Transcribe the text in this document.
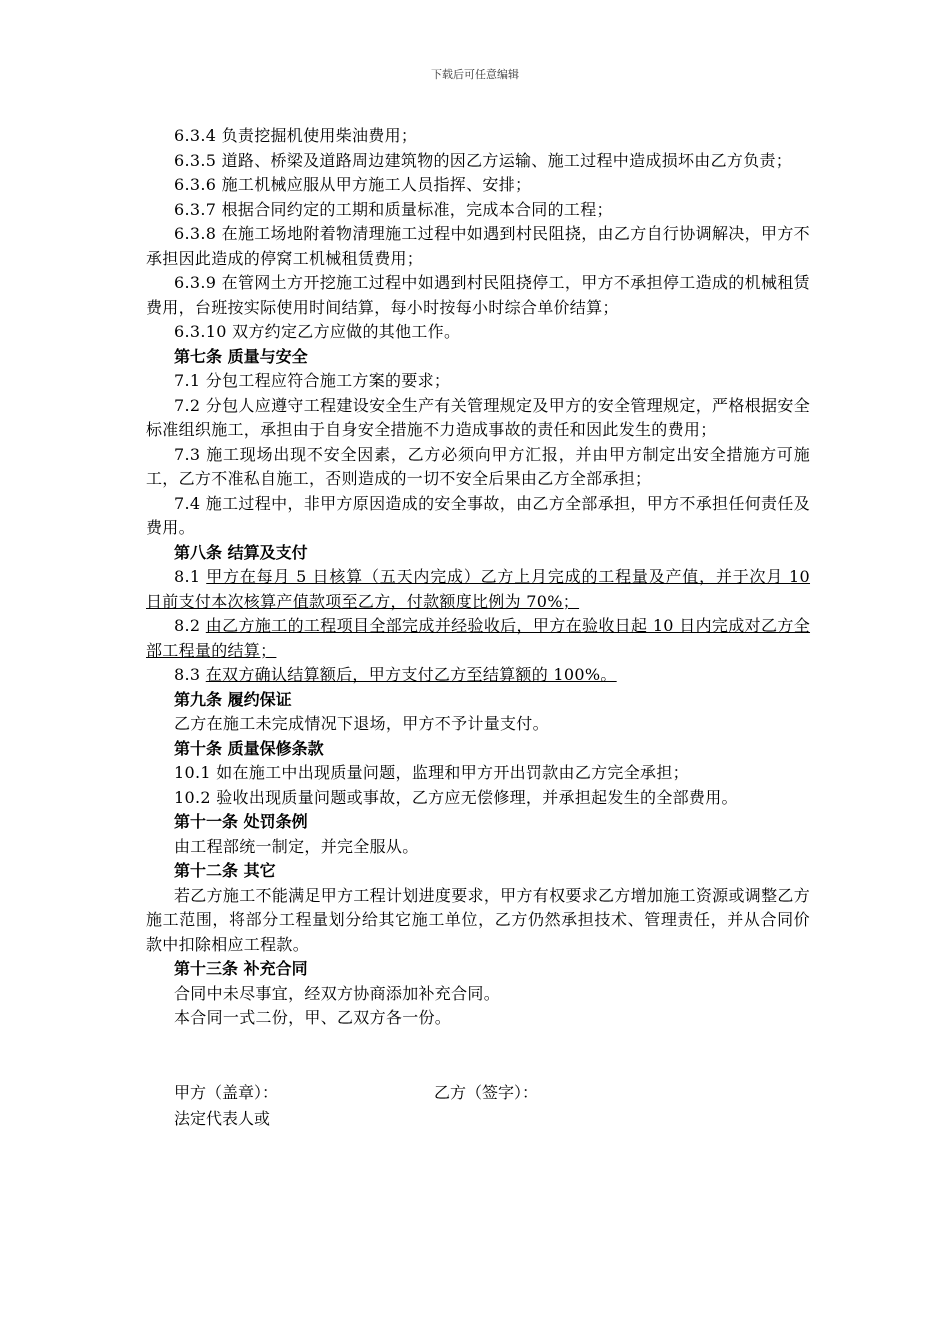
下载后可任意编辑

6.3.4 负责挖掘机使用柴油费用；

6.3.5 道路、桥梁及道路周边建筑物的因乙方运输、施工过程中造成损坏由乙方负责；

6.3.6 施工机械应服从甲方施工人员指挥、安排；

6.3.7 根据合同约定的工期和质量标准，完成本合同的工程；

6.3.8 在施工场地附着物清理施工过程中如遇到村民阻挠，由乙方自行协调解决，甲方不承担因此造成的停窝工机械租赁费用；

6.3.9 在管网土方开挖施工过程中如遇到村民阻挠停工，甲方不承担停工造成的机械租赁费用，台班按实际使用时间结算，每小时按每小时综合单价结算；

6.3.10 双方约定乙方应做的其他工作。

第七条 质量与安全

7.1 分包工程应符合施工方案的要求；

7.2 分包人应遵守工程建设安全生产有关管理规定及甲方的安全管理规定，严格根据安全标准组织施工，承担由于自身安全措施不力造成事故的责任和因此发生的费用；

7.3 施工现场出现不安全因素，乙方必须向甲方汇报，并由甲方制定出安全措施方可施工，乙方不准私自施工，否则造成的一切不安全后果由乙方全部承担；

7.4 施工过程中，非甲方原因造成的安全事故，由乙方全部承担，甲方不承担任何责任及费用。

第八条 结算及支付

8.1 甲方在每月 5 日核算（五天内完成）乙方上月完成的工程量及产值，并于次月 10 日前支付本次核算产值款项至乙方，付款额度比例为 70%；

8.2 由乙方施工的工程项目全部完成并经验收后，甲方在验收日起 10 日内完成对乙方全部工程量的结算；

8.3 在双方确认结算额后，甲方支付乙方至结算额的 100%。

第九条 履约保证

乙方在施工未完成情况下退场，甲方不予计量支付。

第十条 质量保修条款

10.1 如在施工中出现质量问题，监理和甲方开出罚款由乙方完全承担；

10.2 验收出现质量问题或事故，乙方应无偿修理，并承担起发生的全部费用。

第十一条 处罚条例

由工程部统一制定，并完全服从。

第十二条 其它

若乙方施工不能满足甲方工程计划进度要求，甲方有权要求乙方增加施工资源或调整乙方施工范围，将部分工程量划分给其它施工单位，乙方仍然承担技术、管理责任，并从合同价款中扣除相应工程款。

第十三条 补充合同

合同中未尽事宜，经双方协商添加补充合同。

本合同一式二份，甲、乙双方各一份。

甲方（盖章）：	乙方（签字）：
法定代表人或
